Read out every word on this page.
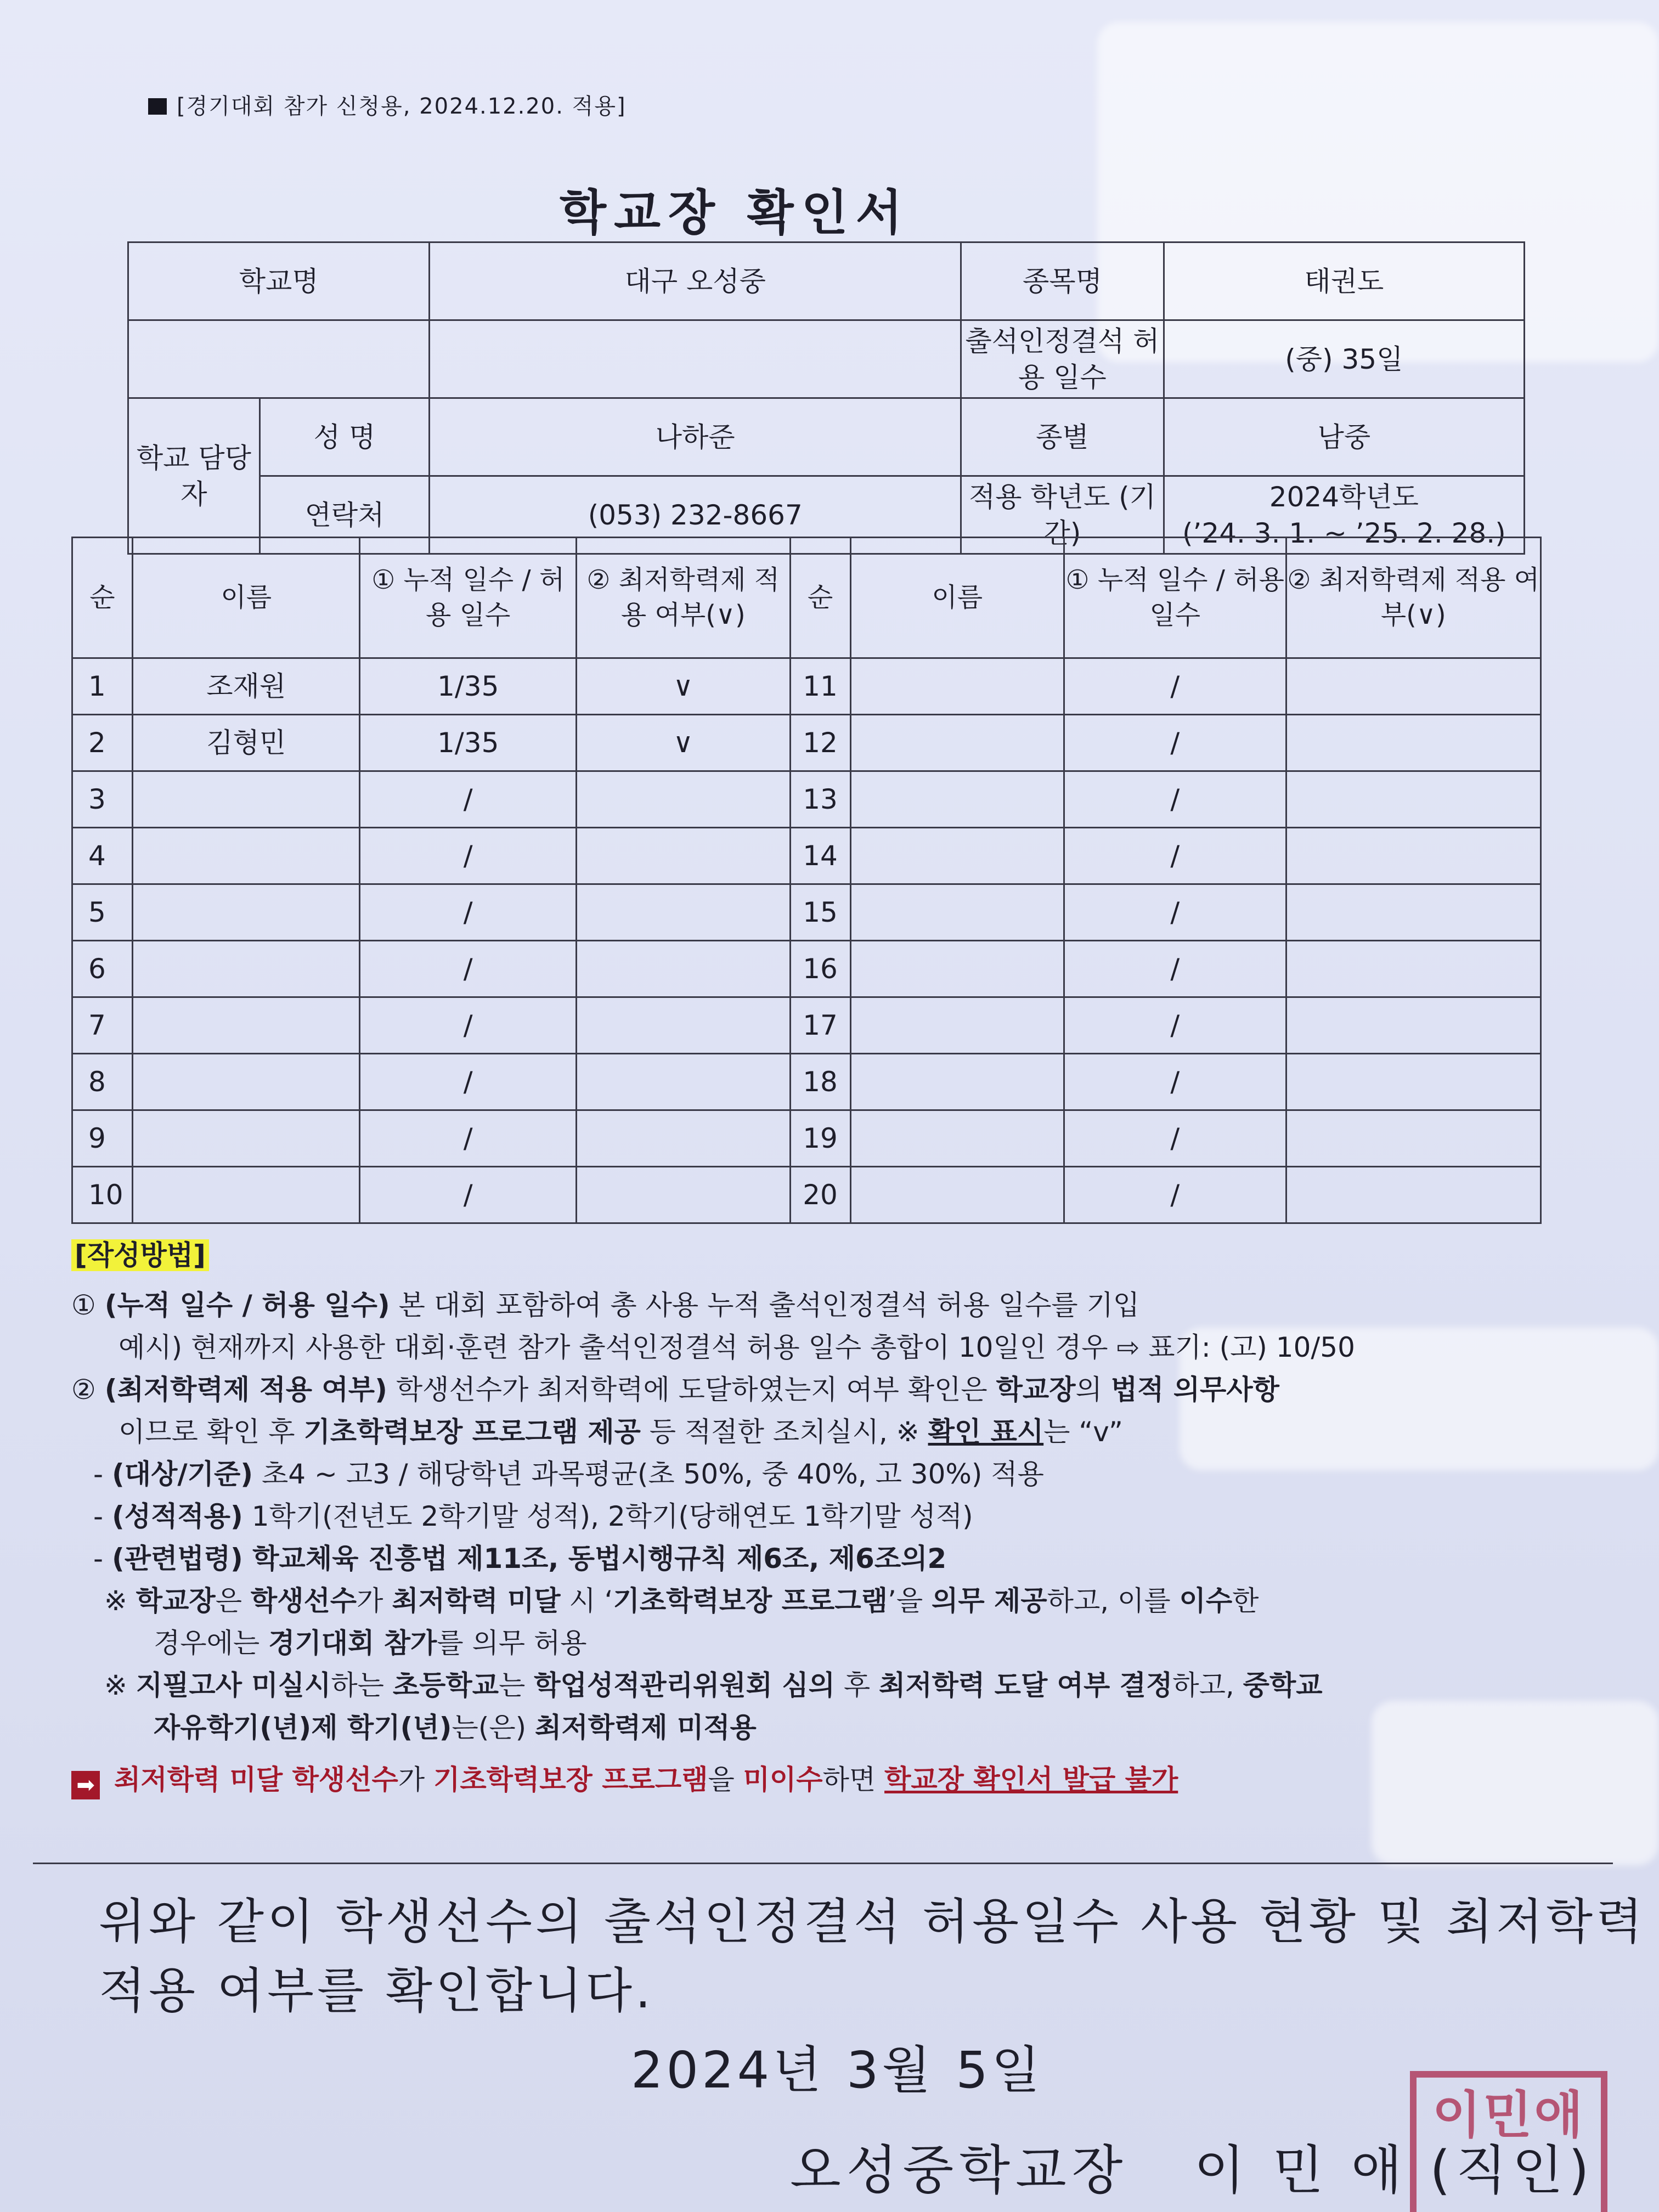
[경기대회 참가 신청용, 2024.12.20. 적용]
학교장 확인서
학교명		대구 오성중	종목명	태권도
			출석인정결석 허용 일수	(중) 35일
학교 담당자	성 명	나하준	종별	남중
	연락처	(053) 232-8667	적용 학년도 (기간)	2024학년도
(’24. 3. 1. ~ ’25. 2. 28.)
순	이름	① 누적 일수 / 허용 일수	② 최저학력제 적용 여부(∨)	순	이름	① 누적 일수 / 허용 일수	② 최저학력제 적용 여부(∨)
1	조재원	1/35	∨	11		/	
2	김형민	1/35	∨	12		/	
3		/		13		/	
4		/		14		/	
5		/		15		/	
6		/		16		/	
7		/		17		/	
8		/		18		/	
9		/		19		/	
10		/		20		/	

[작성방법]

① (누적 일수 / 허용 일수) 본 대회 포함하여 총 사용 누적 출석인정결석 허용 일수를 기입

예시) 현재까지 사용한 대회·훈련 참가 출석인정결석 허용 일수 총합이 10일인 경우 ⇨ 표기: (고) 10/50

② (최저학력제 적용 여부) 학생선수가 최저학력에 도달하였는지 여부 확인은 학교장의 법적 의무사항

이므로 확인 후 기초학력보장 프로그램 제공 등 적절한 조치실시, ※ 확인 표시는 “v”

- (대상/기준) 초4 ~ 고3 / 해당학년 과목평균(초 50%, 중 40%, 고 30%) 적용

- (성적적용) 1학기(전년도 2학기말 성적), 2학기(당해연도 1학기말 성적)

- (관련법령) 학교체육 진흥법 제11조, 동법시행규칙 제6조, 제6조의2

※ 학교장은 학생선수가 최저학력 미달 시 ‘기초학력보장 프로그램’을 의무 제공하고, 이를 이수한

경우에는 경기대회 참가를 의무 허용

※ 지필고사 미실시하는 초등학교는 학업성적관리위원회 심의 후 최저학력 도달 여부 결정하고, 중학교

자유학기(년)제 학기(년)는(은) 최저학력제 미적용

➡ 최저학력 미달 학생선수가 기초학력보장 프로그램을 미이수하면 학교장 확인서 발급 불가

위와 같이 학생선수의 출석인정결석 허용일수 사용 현황 및 최저학력

적용 여부를 확인합니다.

2024년 3월 5일
오성중학교장 이 민 애 (직인)
이민애
